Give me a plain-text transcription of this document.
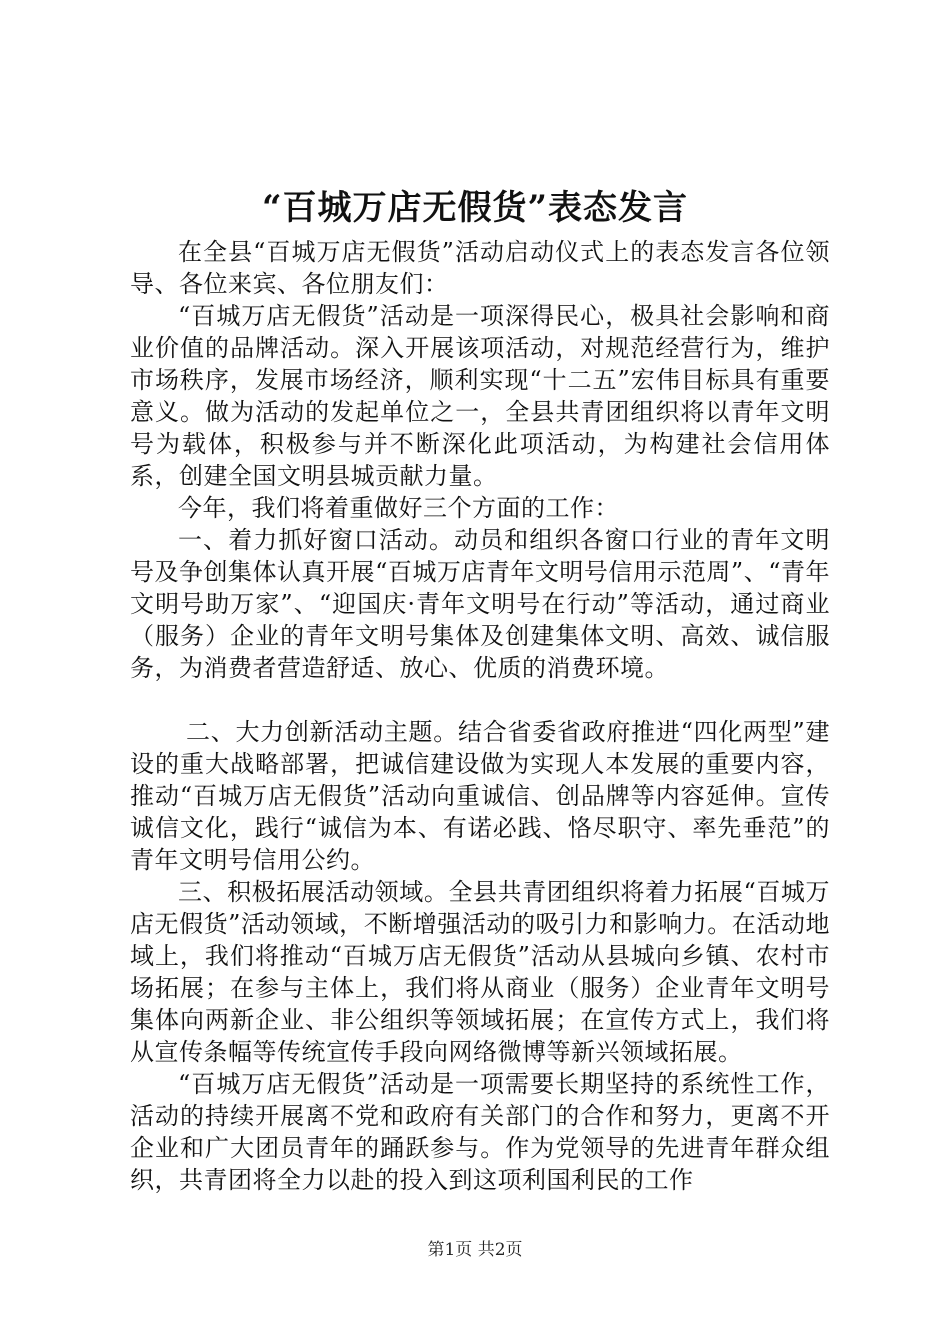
“百城万店无假货”表态发言

在全县“百城万店无假货”活动启动仪式上的表态发言各位领导、各位来宾、各位朋友们：

“百城万店无假货”活动是一项深得民心，极具社会影响和商业价值的品牌活动。深入开展该项活动，对规范经营行为，维护市场秩序，发展市场经济，顺利实现“十二五”宏伟目标具有重要意义。做为活动的发起单位之一，全县共青团组织将以青年文明号为载体，积极参与并不断深化此项活动，为构建社会信用体系，创建全国文明县城贡献力量。

今年，我们将着重做好三个方面的工作：

一、着力抓好窗口活动。动员和组织各窗口行业的青年文明号及争创集体认真开展“百城万店青年文明号信用示范周”、“青年文明号助万家”、“迎国庆·青年文明号在行动”等活动，通过商业（服务）企业的青年文明号集体及创建集体文明、高效、诚信服务，为消费者营造舒适、放心、优质的消费环境。

二、大力创新活动主题。结合省委省政府推进“四化两型”建设的重大战略部署，把诚信建设做为实现人本发展的重要内容，推动“百城万店无假货”活动向重诚信、创品牌等内容延伸。宣传诚信文化，践行“诚信为本、有诺必践、恪尽职守、率先垂范”的青年文明号信用公约。

三、积极拓展活动领域。全县共青团组织将着力拓展“百城万店无假货”活动领域，不断增强活动的吸引力和影响力。在活动地域上，我们将推动“百城万店无假货”活动从县城向乡镇、农村市场拓展；在参与主体上，我们将从商业（服务）企业青年文明号集体向两新企业、非公组织等领域拓展；在宣传方式上，我们将从宣传条幅等传统宣传手段向网络微博等新兴领域拓展。

“百城万店无假货”活动是一项需要长期坚持的系统性工作，活动的持续开展离不党和政府有关部门的合作和努力，更离不开企业和广大团员青年的踊跃参与。作为党领导的先进青年群众组织，共青团将全力以赴的投入到这项利国利民的工作

第1页 共2页
